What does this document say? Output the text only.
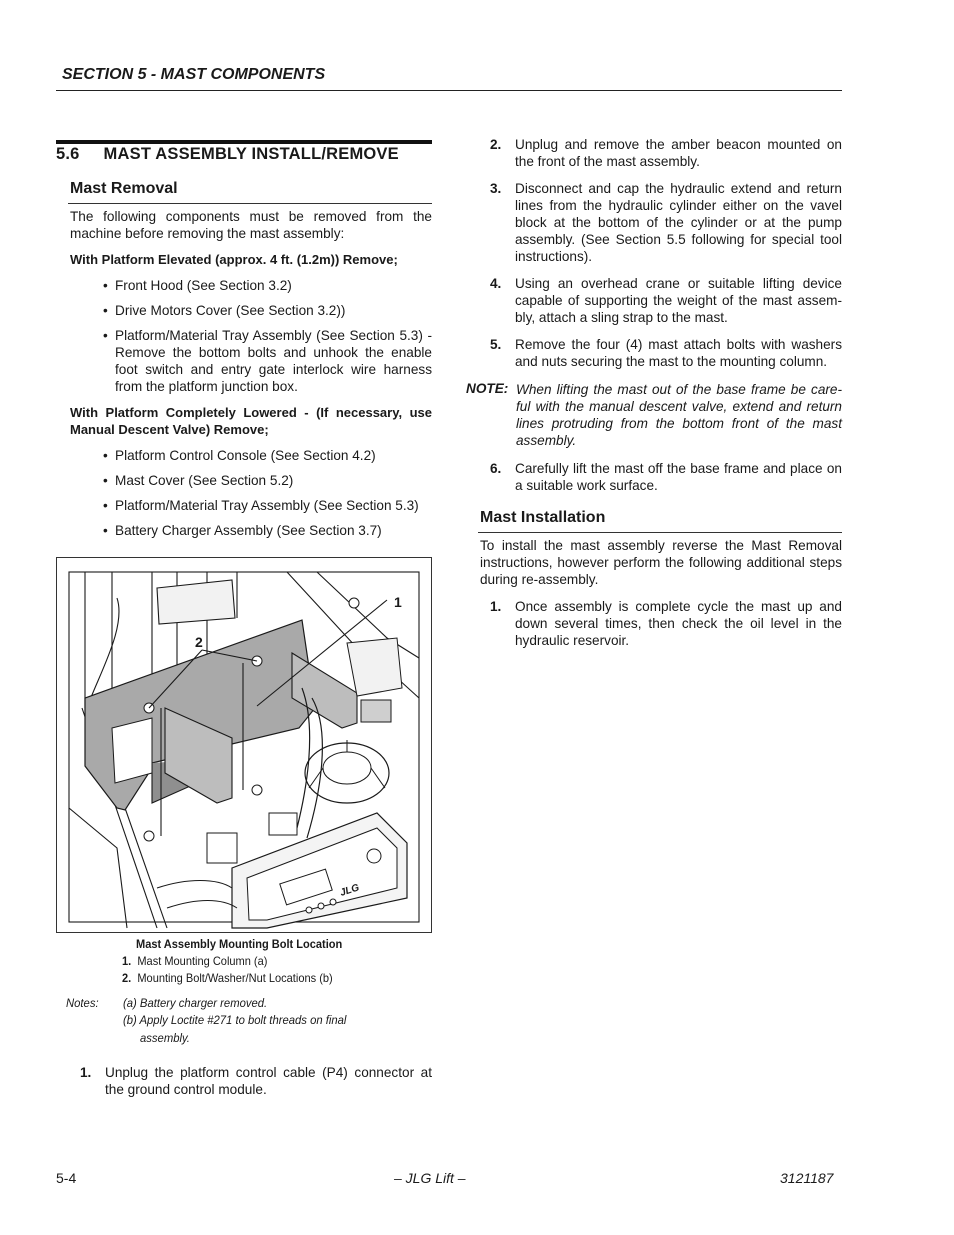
SECTION 5 - MAST COMPONENTS
5.6 MAST ASSEMBLY INSTALL/REMOVE
Mast Removal
The following components must be removed from the machine before removing the mast assembly:
With Platform Elevated (approx. 4 ft. (1.2m)) Remove;
• Front Hood (See Section 3.2)
• Drive Motors Cover (See Section 3.2))
• Platform/Material Tray Assembly (See Section 5.3) - Remove the bottom bolts and unhook the enable foot switch and entry gate interlock wire harness from the platform junction box.
With Platform Completely Lowered - (If necessary, use Manual Descent Valve) Remove;
• Platform Control Console (See Section 4.2)
• Mast Cover (See Section 5.2)
• Platform/Material Tray Assembly (See Section 5.3)
• Battery Charger Assembly (See Section 3.7)
JLG
1
2
Mast Assembly Mounting Bolt Location
1. Mast Mounting Column (a)
2. Mounting Bolt/Washer/Nut Locations (b)
Notes: (a) Battery charger removed.
(b) Apply Loctite #271 to bolt threads on final
assembly.
1.	Unplug the platform control cable (P4) connector at the ground control module.
2.	Unplug and remove the amber beacon mounted on the front of the mast assembly.
3.	Disconnect and cap the hydraulic extend and return lines from the hydraulic cylinder either on the vavel block at the bottom of the cylinder or at the pump assembly. (See Section 5.5 following for special tool instructions).
4.	Using an overhead crane or suitable lifting device capable of supporting the weight of the mast assem-bly, attach a sling strap to the mast.
5.	Remove the four (4) mast attach bolts with washers and nuts securing the mast to the mounting column.
NOTE: When lifting the mast out of the base frame be care-ful with the manual descent valve, extend and return lines protruding from the bottom front of the mast assembly.
6.	Carefully lift the mast off the base frame and place on a suitable work surface.
Mast Installation
To install the mast assembly reverse the Mast Removal instructions, however perform the following additional steps during re-assembly.
1.	Once assembly is complete cycle the mast up and down several times, then check the oil level in the hydraulic reservoir.
5-4	– JLG Lift –	3121187
